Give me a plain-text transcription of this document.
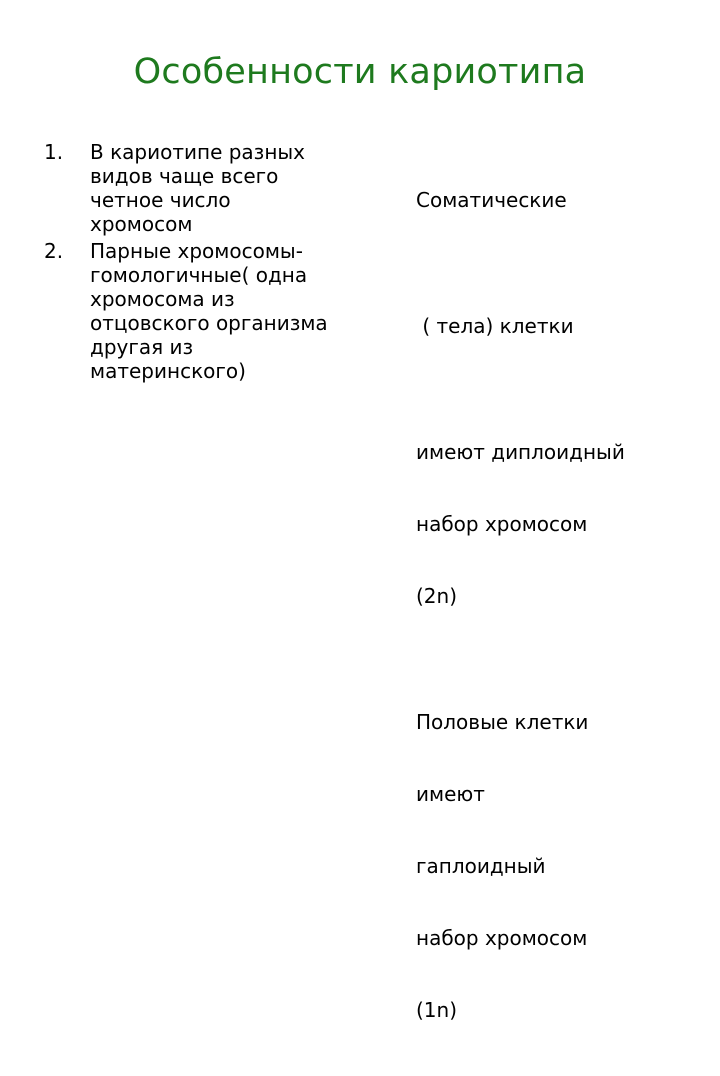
Особенности кариотипа
1. В кариотипе разных
видов чаще всего
четное число
хромосом
2. Парные хромосомы-
гомологичные( одна
хромосома из
отцовского организма
другая из
материнского)

Соматические

( тела) клетки

имеют диплоидный

набор хромосом

(2n)

Половые клетки

имеют

гаплоидный

набор хромосом

(1n)
